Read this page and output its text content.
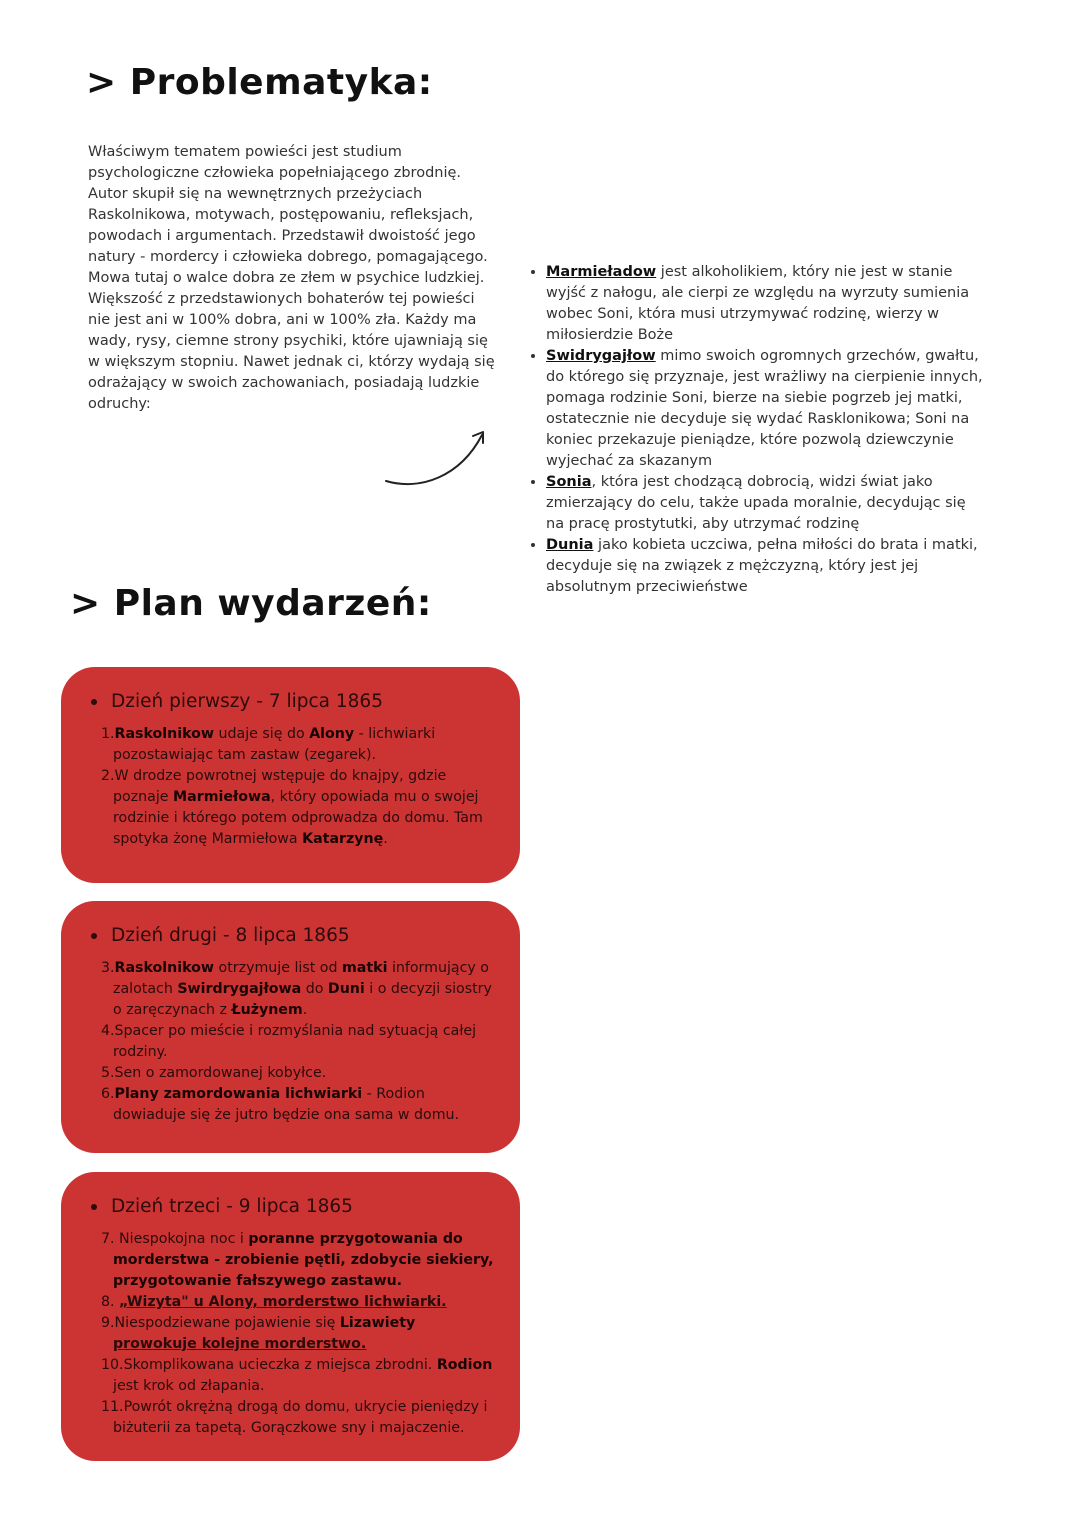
> Problematyka:

Właściwym tematem powieści jest studium psychologiczne człowieka popełniającego zbrodnię. Autor skupił się na wewnętrznych przeżyciach Raskolnikowa, motywach, postępowaniu, refleksjach, powodach i argumentach. Przedstawił dwoistość jego natury - mordercy i człowieka dobrego, pomagającego.

Mowa tutaj o walce dobra ze złem w psychice ludzkiej. Większość z przedstawionych bohaterów tej powieści nie jest ani w 100% dobra, ani w 100% zła. Każdy ma wady, rysy, ciemne strony psychiki, które ujawniają się w większym stopniu. Nawet jednak ci, którzy wydają się odrażający w swoich zachowaniach, posiadają ludzkie odruchy:

• Marmieładow jest alkoholikiem, który nie jest w stanie wyjść z nałogu, ale cierpi ze względu na wyrzuty sumienia wobec Soni, która musi utrzymywać rodzinę, wierzy w miłosierdzie Boże
• Swidrygajłow mimo swoich ogromnych grzechów, gwałtu, do którego się przyznaje, jest wrażliwy na cierpienie innych, pomaga rodzinie Soni, bierze na siebie pogrzeb jej matki, ostatecznie nie decyduje się wydać Rasklonikowa; Soni na koniec przekazuje pieniądze, które pozwolą dziewczynie wyjechać za skazanym
• Sonia, która jest chodzącą dobrocią, widzi świat jako zmierzający do celu, także upada moralnie, decydując się na pracę prostytutki, aby utrzymać rodzinę
• Dunia jako kobieta uczciwa, pełna miłości do brata i matki, decyduje się na związek z mężczyzną, który jest jej absolutnym przeciwieństwe
> Plan wydarzeń:
Dzień pierwszy - 7 lipca 1865
1.Raskolnikow udaje się do Alony - lichwiarki pozostawiając tam zastaw (zegarek).
2.W drodze powrotnej wstępuje do knajpy, gdzie poznaje Marmiełowa, który opowiada mu o swojej rodzinie i którego potem odprowadza do domu. Tam spotyka żonę Marmiełowa Katarzynę.
Dzień drugi - 8 lipca 1865
3.Raskolnikow otrzymuje list od matki informujący o zalotach Swirdrygajłowa do Duni i o decyzji siostry o zaręczynach z Łużynem.
4.Spacer po mieście i rozmyślania nad sytuacją całej rodziny.
5.Sen o zamordowanej kobyłce.
6.Plany zamordowania lichwiarki - Rodion dowiaduje się że jutro będzie ona sama w domu.
Dzień trzeci - 9 lipca 1865
7. Niespokojna noc i poranne przygotowania do morderstwa - zrobienie pętli, zdobycie siekiery, przygotowanie fałszywego zastawu.
8. „Wizyta" u Alony, morderstwo lichwiarki.
9.Niespodziewane pojawienie się Lizawiety prowokuje kolejne morderstwo.
10.Skomplikowana ucieczka z miejsca zbrodni. Rodion jest krok od złapania.
11.Powrót okrężną drogą do domu, ukrycie pieniędzy i biżuterii za tapetą. Gorączkowe sny i majaczenie.
